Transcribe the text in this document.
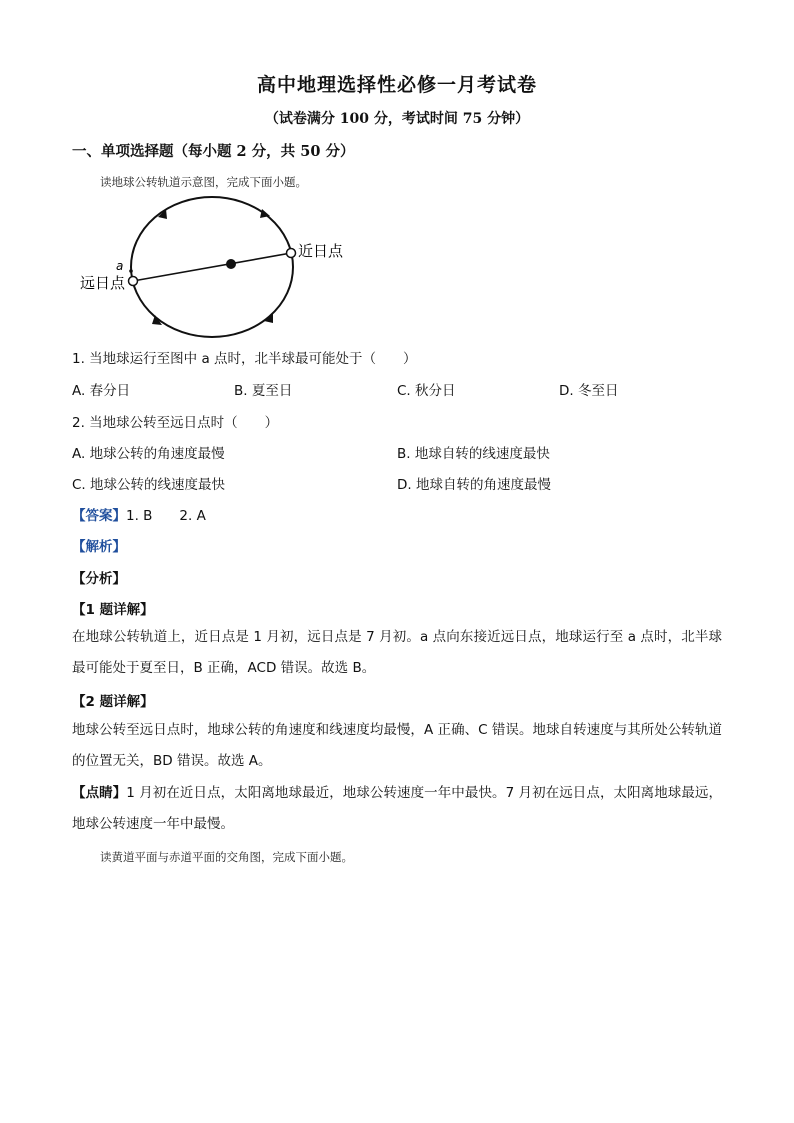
高中地理选择性必修一月考试卷
（试卷满分 100 分，考试时间 75 分钟）
一、单项选择题（每小题 2 分，共 50 分）
读地球公转轨道示意图，完成下面小题。
a
近日点
远日点
1. 当地球运行至图中 a 点时，北半球最可能处于（　　）
A. 春分日	B. 夏至日	C. 秋分日	D. 冬至日
2. 当地球公转至远日点时（　　）
A. 地球公转的角速度最慢	B. 地球自转的线速度最快
C. 地球公转的线速度最快	D. 地球自转的角速度最慢
【答案】1. B　　2. A
【解析】
【分析】
【1 题详解】
在地球公转轨道上，近日点是 1 月初，远日点是 7 月初。a 点向东接近远日点，地球运行至 a 点时，北半球最可能处于夏至日，B 正确，ACD 错误。故选 B。
【2 题详解】
地球公转至远日点时，地球公转的角速度和线速度均最慢，A 正确、C 错误。地球自转速度与其所处公转轨道的位置无关，BD 错误。故选 A。
【点睛】1 月初在近日点，太阳离地球最近，地球公转速度一年中最快。7 月初在远日点，太阳离地球最远，地球公转速度一年中最慢。
读黄道平面与赤道平面的交角图，完成下面小题。
